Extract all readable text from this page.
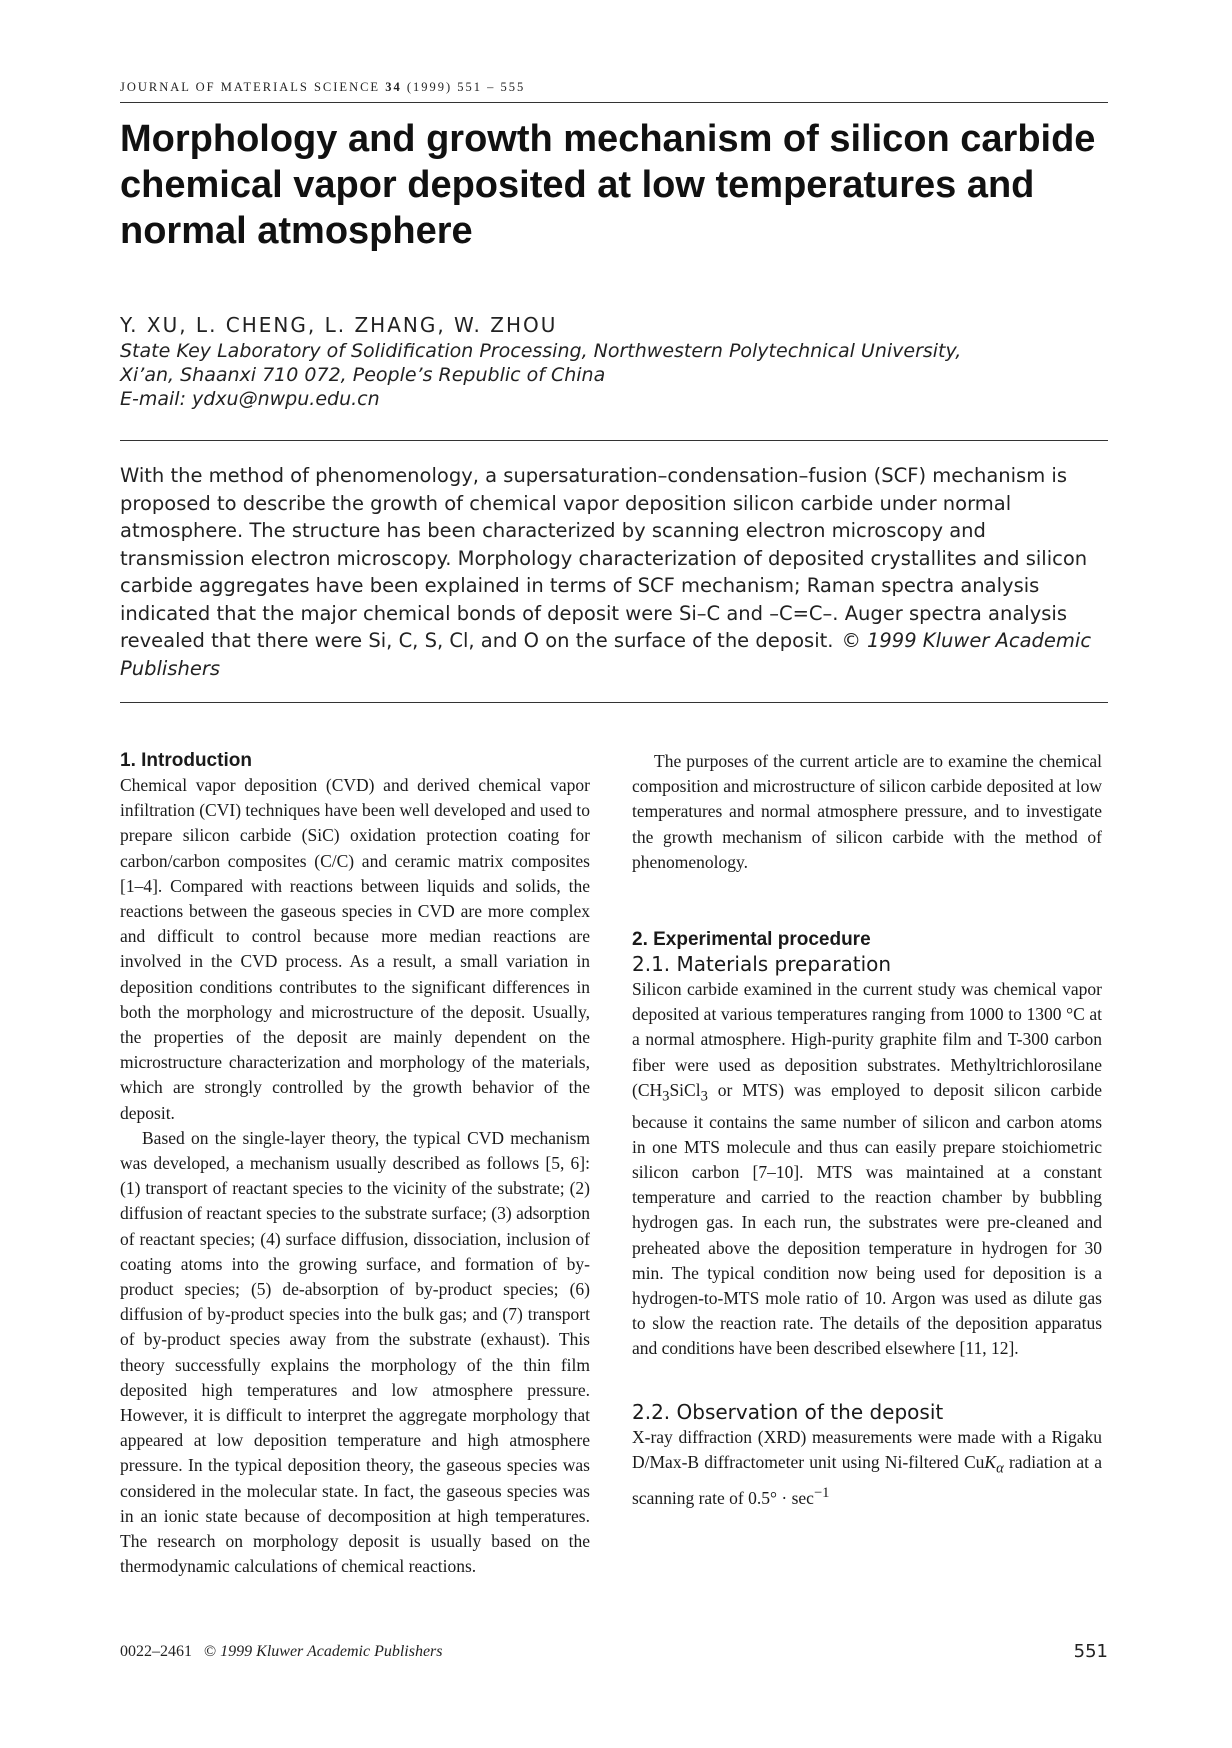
JOURNAL OF MATERIALS SCIENCE 34 (1999) 551 – 555
Morphology and growth mechanism of silicon carbide chemical vapor deposited at low temperatures and normal atmosphere
Y. XU, L. CHENG, L. ZHANG, W. ZHOU
State Key Laboratory of Solidification Processing, Northwestern Polytechnical University,
Xi’an, Shaanxi 710 072, People’s Republic of China
E-mail: ydxu@nwpu.edu.cn
With the method of phenomenology, a supersaturation–condensation–fusion (SCF) mechanism is proposed to describe the growth of chemical vapor deposition silicon carbide under normal atmosphere. The structure has been characterized by scanning electron microscopy and transmission electron microscopy. Morphology characterization of deposited crystallites and silicon carbide aggregates have been explained in terms of SCF mechanism; Raman spectra analysis indicated that the major chemical bonds of deposit were Si–C and –C=C–. Auger spectra analysis revealed that there were Si, C, S, Cl, and O on the surface of the deposit. © 1999 Kluwer Academic Publishers
1. Introduction

Chemical vapor deposition (CVD) and derived chemical vapor infiltration (CVI) techniques have been well developed and used to prepare silicon carbide (SiC) oxidation protection coating for carbon/carbon composites (C/C) and ceramic matrix composites [1–4]. Compared with reactions between liquids and solids, the reactions between the gaseous species in CVD are more complex and difficult to control because more median reactions are involved in the CVD process. As a result, a small variation in deposition conditions contributes to the significant differences in both the morphology and microstructure of the deposit. Usually, the properties of the deposit are mainly dependent on the microstructure characterization and morphology of the materials, which are strongly controlled by the growth behavior of the deposit.

Based on the single-layer theory, the typical CVD mechanism was developed, a mechanism usually described as follows [5, 6]: (1) transport of reactant species to the vicinity of the substrate; (2) diffusion of reactant species to the substrate surface; (3) adsorption of reactant species; (4) surface diffusion, dissociation, inclusion of coating atoms into the growing surface, and formation of by-product species; (5) de-absorption of by-product species; (6) diffusion of by-product species into the bulk gas; and (7) transport of by-product species away from the substrate (exhaust). This theory successfully explains the morphology of the thin film deposited high temperatures and low atmosphere pressure. However, it is difficult to interpret the aggregate morphology that appeared at low deposition temperature and high atmosphere pressure. In the typical deposition theory, the gaseous species was considered in the molecular state. In fact, the gaseous species was in an ionic state because of decomposition at high temperatures. The research on morphology deposit is usually based on the thermodynamic calculations of chemical reactions.

The purposes of the current article are to examine the chemical composition and microstructure of silicon carbide deposited at low temperatures and normal atmosphere pressure, and to investigate the growth mechanism of silicon carbide with the method of phenomenology.

2. Experimental procedure
2.1. Materials preparation

Silicon carbide examined in the current study was chemical vapor deposited at various temperatures ranging from 1000 to 1300 °C at a normal atmosphere. High-purity graphite film and T-300 carbon fiber were used as deposition substrates. Methyltrichlorosilane ($CH_3SiCl_3$ or MTS) was employed to deposit silicon carbide because it contains the same number of silicon and carbon atoms in one MTS molecule and thus can easily prepare stoichiometric silicon carbon [7–10]. MTS was maintained at a constant temperature and carried to the reaction chamber by bubbling hydrogen gas. In each run, the substrates were pre-cleaned and preheated above the deposition temperature in hydrogen for 30 min. The typical condition now being used for deposition is a hydrogen-to-MTS mole ratio of 10. Argon was used as dilute gas to slow the reaction rate. The details of the deposition apparatus and conditions have been described elsewhere [11, 12].

2.2. Observation of the deposit

X-ray diffraction (XRD) measurements were made with a Rigaku D/Max-B diffractometer unit using Ni-filtered CuK$_\alpha$ radiation at a scanning rate of $0.5^\circ \cdot \sec^{-1}$

0022–2461 © 1999 Kluwer Academic Publishers	551
